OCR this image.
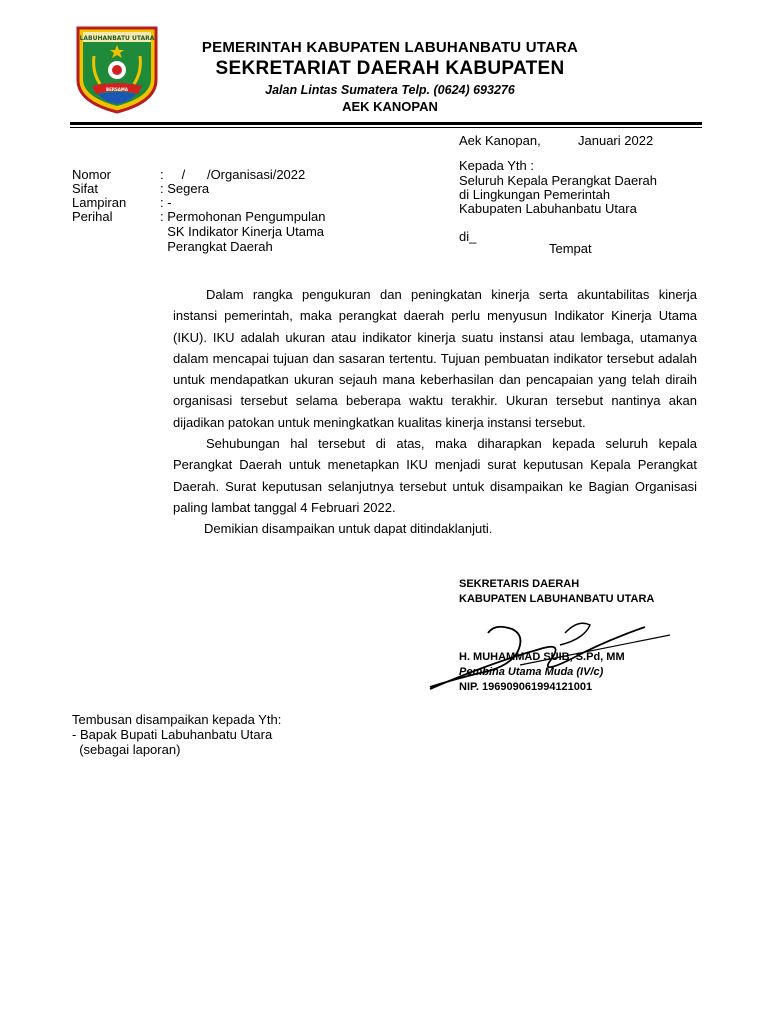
LABUHANBATU UTARA
BERSAMA
PEMERINTAH KABUPATEN LABUHANBATU UTARA
SEKRETARIAT DAERAH KABUPATEN
Jalan Lintas Sumatera Telp. (0624) 693276
AEK KANOPAN
Aek Kanopan,	Januari 2022
Kepada Yth :
Seluruh Kepala Perangkat Daerah
di Lingkungan Pemerintah
Kabupaten Labuhanbatu Utara
di_
Tempat
Nomor	:     /      /Organisasi/2022
Sifat	: Segera
Lampiran	: -
Perihal	: Permohonan Pengumpulan
SK Indikator Kinerja Utama
Perangkat Daerah

Dalam rangka pengukuran dan peningkatan kinerja serta akuntabilitas kinerja instansi pemerintah, maka perangkat daerah perlu menyusun Indikator Kinerja Utama (IKU). IKU adalah ukuran atau indikator kinerja suatu instansi atau lembaga, utamanya dalam mencapai tujuan dan sasaran tertentu. Tujuan pembuatan indikator tersebut adalah untuk mendapatkan ukuran sejauh mana keberhasilan dan pencapaian yang telah diraih organisasi tersebut selama beberapa waktu terakhir. Ukuran tersebut nantinya akan dijadikan patokan untuk meningkatkan kualitas kinerja instansi tersebut.

Sehubungan hal tersebut di atas, maka diharapkan kepada seluruh kepala Perangkat Daerah untuk menetapkan IKU menjadi surat keputusan Kepala Perangkat Daerah. Surat keputusan selanjutnya tersebut untuk disampaikan ke Bagian Organisasi paling lambat tanggal 4 Februari 2022.

Demikian disampaikan untuk dapat ditindaklanjuti.

SEKRETARIS DAERAH
KABUPATEN LABUHANBATU UTARA
H. MUHAMMAD SUIB, S.Pd, MM
Pembina Utama Muda (IV/c)
NIP. 196909061994121001
Tembusan disampaikan kepada Yth:
- Bapak Bupati Labuhanbatu Utara
(sebagai laporan)
